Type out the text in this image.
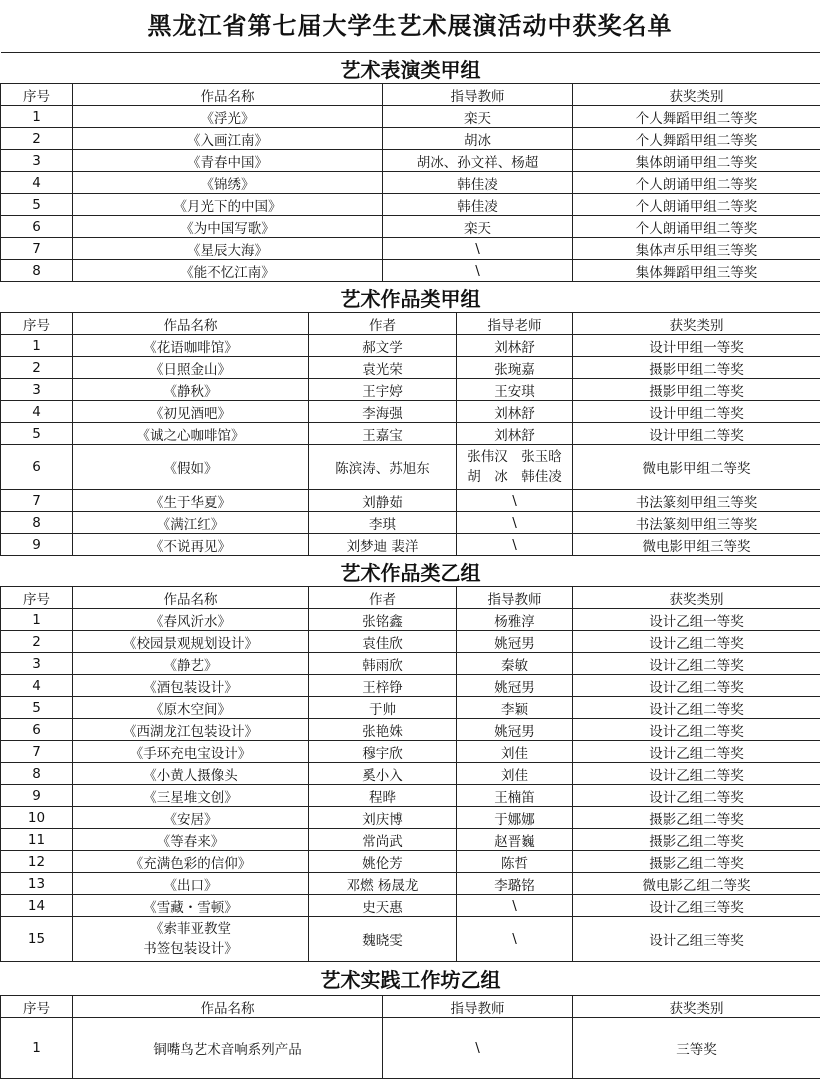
黑龙江省第七届大学生艺术展演活动中获奖名单
艺术表演类甲组					
序号	作品名称		指导教师		获奖类别
1	《浮光》		栾天		个人舞蹈甲组二等奖
2	《入画江南》		胡冰		个人舞蹈甲组二等奖
3	《青春中国》		胡冰、孙文祥、杨超		集体朗诵甲组二等奖
4	《锦绣》		韩佳凌		个人朗诵甲组二等奖
5	《月光下的中国》		韩佳凌		个人朗诵甲组二等奖
6	《为中国写歌》		栾天		个人朗诵甲组二等奖
7	《星辰大海》		\		集体声乐甲组三等奖
8	《能不忆江南》		\		集体舞蹈甲组三等奖
艺术作品类甲组					
序号	作品名称	作者		指导老师	获奖类别
1	《花语咖啡馆》	郝文学		刘林舒	设计甲组一等奖
2	《日照金山》	袁光荣		张琬嘉	摄影甲组二等奖
3	《静秋》	王宇婷		王安琪	摄影甲组二等奖
4	《初见酒吧》	李海强		刘林舒	设计甲组二等奖
5	《诚之心咖啡馆》	王嘉宝		刘林舒	设计甲组二等奖
6	《假如》	陈滨涛、苏旭东		张伟汉　张玉晗
胡　冰　韩佳凌	微电影甲组二等奖
7	《生于华夏》	刘静茹		\	书法篆刻甲组三等奖
8	《满江红》	李琪		\	书法篆刻甲组三等奖
9	《不说再见》	刘梦迪 裴洋		\	微电影甲组三等奖
艺术作品类乙组					
序号	作品名称	作者		指导教师	获奖类别
1	《春风沂水》	张铭鑫		杨雅淳	设计乙组一等奖
2	《校园景观规划设计》	袁佳欣		姚冠男	设计乙组二等奖
3	《静艺》	韩雨欣		秦敏	设计乙组二等奖
4	《酒包装设计》	王梓铮		姚冠男	设计乙组二等奖
5	《原木空间》	于帅		李颖	设计乙组二等奖
6	《西湖龙江包装设计》	张艳姝		姚冠男	设计乙组二等奖
7	《手环充电宝设计》	穆宇欣		刘佳	设计乙组二等奖
8	《小黄人摄像头	奚小入		刘佳	设计乙组二等奖
9	《三星堆文创》	程晔		王楠笛	设计乙组二等奖
10	《安居》	刘庆博		于娜娜	摄影乙组二等奖
11	《等春来》	常尚武		赵晋巍	摄影乙组二等奖
12	《充满色彩的信仰》	姚伦芳		陈哲	摄影乙组二等奖
13	《出口》	邓燃 杨晟龙		李璐铭	微电影乙组二等奖
14	《雪藏・雪顿》	史天惠		\	设计乙组三等奖
15	《索菲亚教堂
书签包装设计》	魏晓雯		\	设计乙组三等奖
艺术实践工作坊乙组					
序号	作品名称		指导教师		获奖类别
1	铜嘴鸟艺术音响系列产品		\		三等奖
